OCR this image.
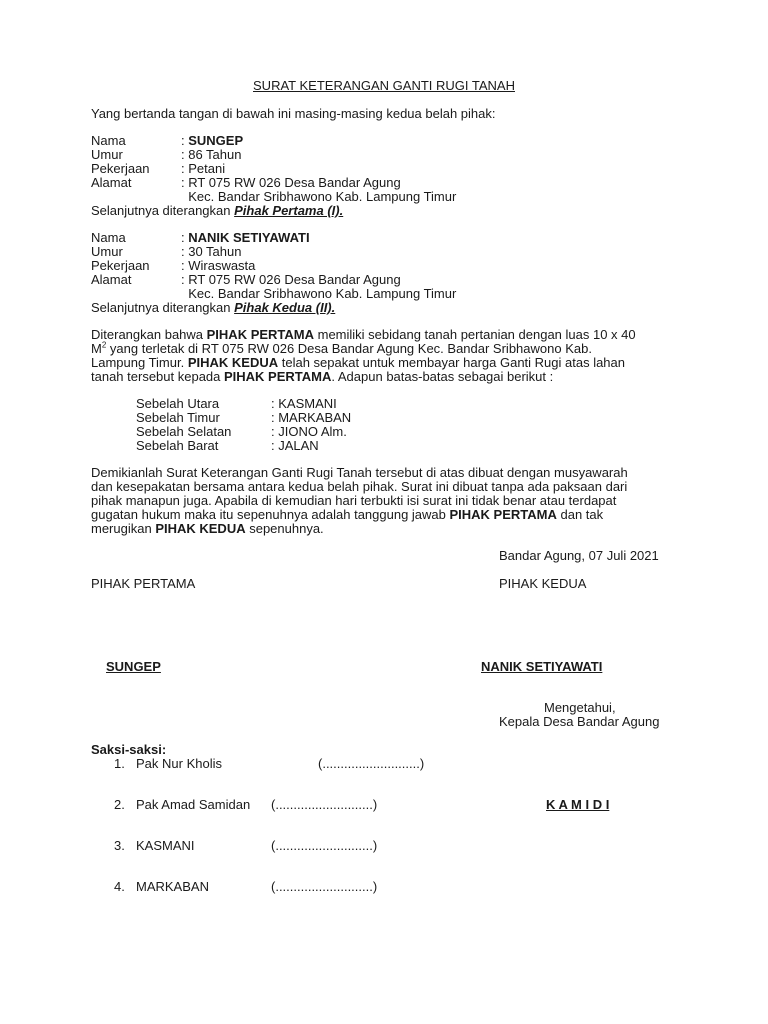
SURAT KETERANGAN GANTI RUGI TANAH
Yang bertanda tangan di bawah ini masing-masing kedua belah pihak:
Nama	: SUNGEP
Umur	: 86 Tahun
Pekerjaan : Petani
Alamat	: RT 075 RW 026 Desa Bandar Agung
Kec. Bandar Sribhawono Kab. Lampung Timur
Selanjutnya diterangkan Pihak Pertama (I).
Nama	: NANIK SETIYAWATI
Umur	: 30 Tahun
Pekerjaan : Wiraswasta
Alamat	: RT 075 RW 026 Desa Bandar Agung
Kec. Bandar Sribhawono Kab. Lampung Timur
Selanjutnya diterangkan Pihak Kedua (II).
Diterangkan bahwa PIHAK PERTAMA memiliki sebidang tanah pertanian dengan luas 10 x 40
$M^2$ yang terletak di RT 075 RW 026 Desa Bandar Agung Kec. Bandar Sribhawono Kab.
Lampung Timur. PIHAK KEDUA telah sepakat untuk membayar harga Ganti Rugi atas lahan
tanah tersebut kepada PIHAK PERTAMA. Adapun batas-batas sebagai berikut :
Sebelah Utara	: KASMANI
Sebelah Timur	: MARKABAN
Sebelah Selatan	: JIONO Alm.
Sebelah Barat	: JALAN
Demikianlah Surat Keterangan Ganti Rugi Tanah tersebut di atas dibuat dengan musyawarah
dan kesepakatan bersama antara kedua belah pihak. Surat ini dibuat tanpa ada paksaan dari
pihak manapun juga. Apabila di kemudian hari terbukti isi surat ini tidak benar atau terdapat
gugatan hukum maka itu sepenuhnya adalah tanggung jawab PIHAK PERTAMA dan tak
merugikan PIHAK KEDUA sepenuhnya.
Bandar Agung, 07 Juli 2021
PIHAK PERTAMA	PIHAK KEDUA
SUNGEP	NANIK SETIYAWATI
Mengetahui,
Kepala Desa Bandar Agung
Saksi-saksi:
1. Pak Nur Kholis	(...........................)
2. Pak Amad Samidan (...........................)	K A M I D I
3. KASMANI	(...........................)
4. MARKABAN	(...........................)
